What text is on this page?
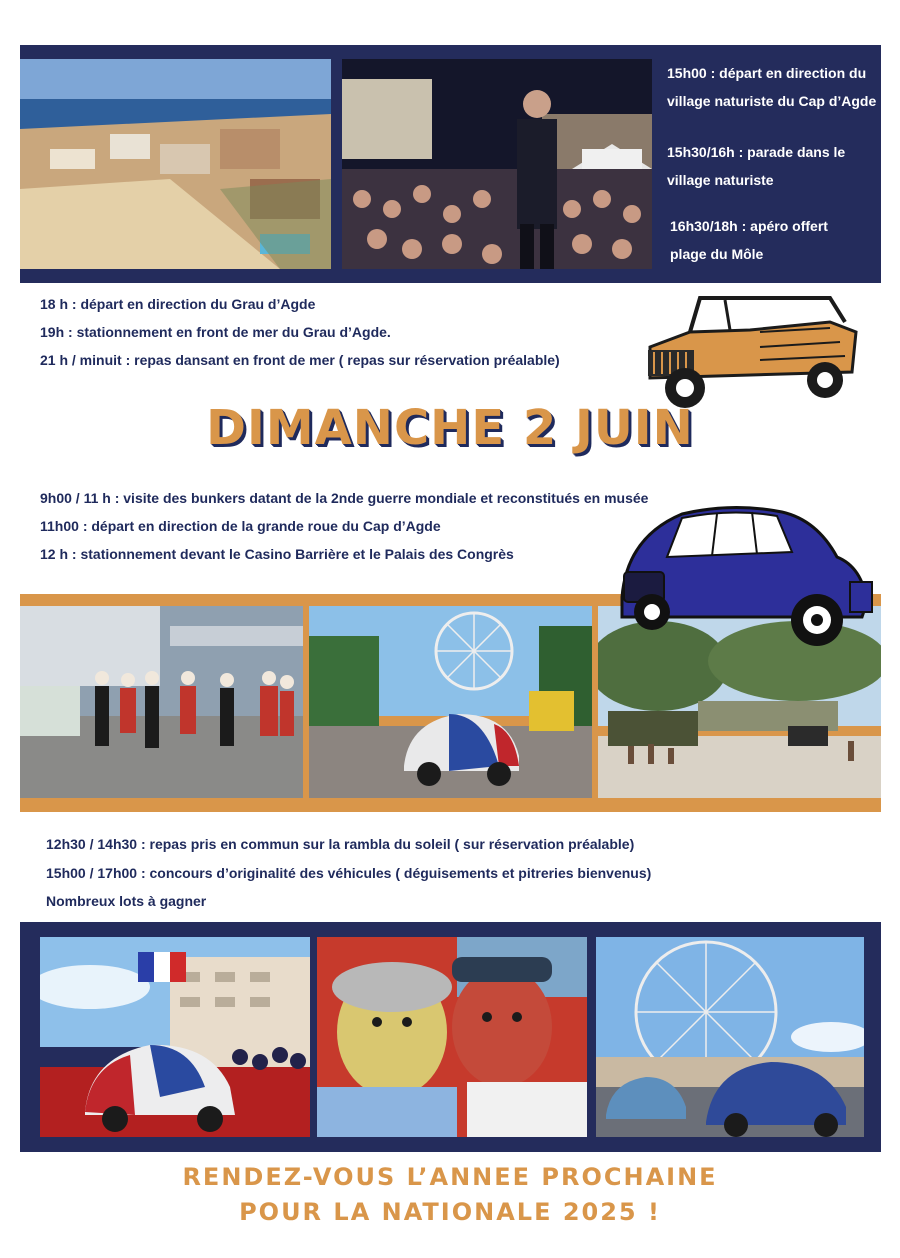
15h00 : départ en direction du
village naturiste du Cap d’Agde
15h30/16h : parade dans le
village naturiste
16h30/18h : apéro offert
plage du Môle
18 h : départ en direction du Grau d’Agde
19h : stationnement en front de mer du Grau d’Agde.
21 h / minuit : repas dansant en front de mer ( repas sur réservation préalable)
DIMANCHE 2 JUIN
9h00 / 11 h : visite des bunkers datant de la 2nde guerre mondiale et reconstitués en musée
11h00 : départ en direction de la grande roue du Cap d’Agde
12 h : stationnement devant le Casino Barrière et le Palais des Congrès
12h30 / 14h30 : repas pris en commun sur la rambla du soleil ( sur réservation préalable)
15h00 / 17h00 : concours d’originalité des véhicules ( déguisements et pitreries bienvenus)
Nombreux lots à gagner
RENDEZ-VOUS L’ANNEE PROCHAINE
POUR LA NATIONALE 2025 !
